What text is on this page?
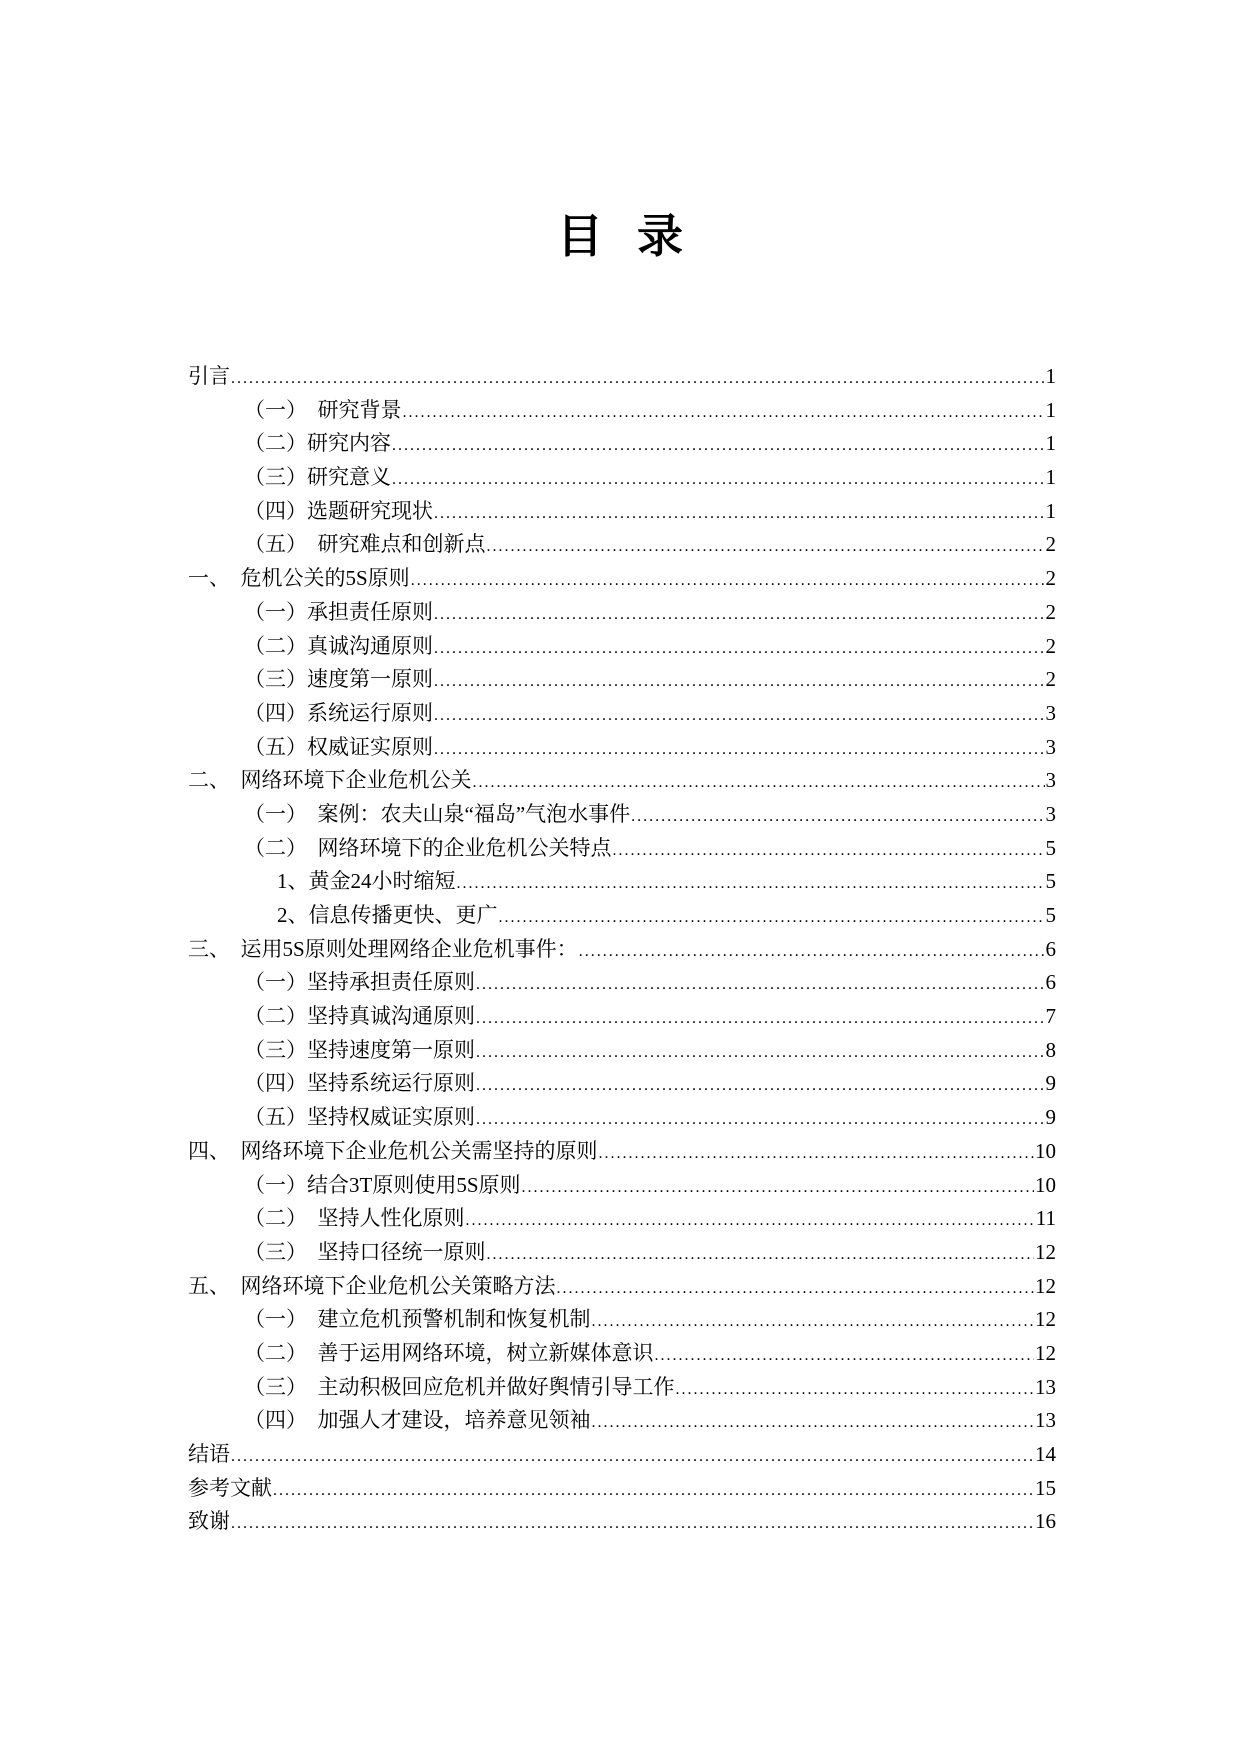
目录
引言 .....	1
（一）  研究背景 .....	1
（二）研究内容 .....	1
（三）研究意义 .....	1
（四）选题研究现状 .....	1
（五）  研究难点和创新点 .....	2
一、  危机公关的5S原则 .....	2
（一）承担责任原则 .....	2
（二）真诚沟通原则 .....	2
（三）速度第一原则 .....	2
（四）系统运行原则 .....	3
（五）权威证实原则 .....	3
二、  网络环境下企业危机公关 .....	3
（一）  案例：农夫山泉“福岛”气泡水事件 .....	3
（二）  网络环境下的企业危机公关特点 .....	5
1、黄金24小时缩短 .....	5
2、信息传播更快、更广 .....	5
三、  运用5S原则处理网络企业危机事件： .....	6
（一）坚持承担责任原则 .....	6
（二）坚持真诚沟通原则 .....	7
（三）坚持速度第一原则 .....	8
（四）坚持系统运行原则 .....	9
（五）坚持权威证实原则 .....	9
四、  网络环境下企业危机公关需坚持的原则 .....	10
（一）结合3T原则使用5S原则 .....	10
（二）  坚持人性化原则 .....	11
（三）  坚持口径统一原则 .....	12
五、  网络环境下企业危机公关策略方法 .....	12
（一）  建立危机预警机制和恢复机制 .....	12
（二）  善于运用网络环境，树立新媒体意识 .....	12
（三）  主动积极回应危机并做好舆情引导工作 .....	13
（四）  加强人才建设，培养意见领袖 .....	13
结语 .....	14
参考文献 .....	15
致谢 .....	16
